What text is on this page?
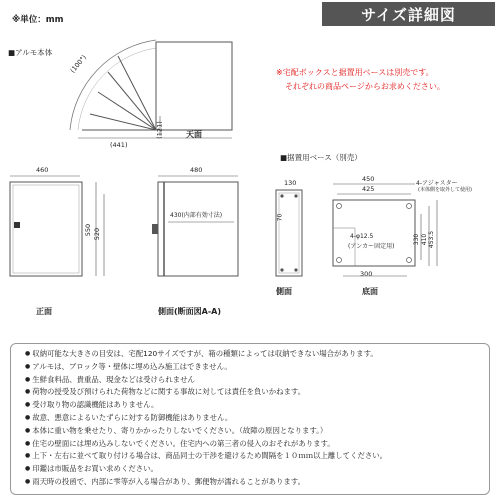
※単位：mm	サイズ詳細図
■アルモ本体
(100°)
(441)
(121)	天面
※宅配ボックスと据置用ベースは別売です。
それぞれの商品ページからお求めください。
460
550 520
正面
480
430(内部有効寸法)
側面(断面図A-A)
■据置用ベース（別売）
130
70
側面
450
425
300
330 410 453.5
4-φ12.5
(アンカー固定用)
4-アジャスター
(本体側を取外して使用)
底面
● 収納可能な大きさの目安は、宅配120サイズですが、箱の種類によっては収納できない場合があります。
● アルモは、ブロック等・壁体に埋め込み施工はできません。
● 生鮮食料品、貴重品、現金などは受けられません
● 荷物の授受及び預けられた荷物などに関する事故に対しては責任を負いかねます。
● 受け取り物の認識機能はありません。
● 故意、悪意によるいたずらに対する防御機能はありません。
● 本体に重い物を乗せたり、寄りかかったりしないでください。（故障の原因となります。）
● 住宅の壁面には埋め込みしないでください。住宅内への第三者の侵入のおそれがあります。
● 上下・左右に並べて取り付ける場合は、商品同士の干渉を避けるため間隔を１０ｍｍ以上離してください。
● 印鑑は市販品をお買い求めください。
● 雨天時の投函で、内部に雫等が入る場合があり、郵便物が濡れることがあります。
